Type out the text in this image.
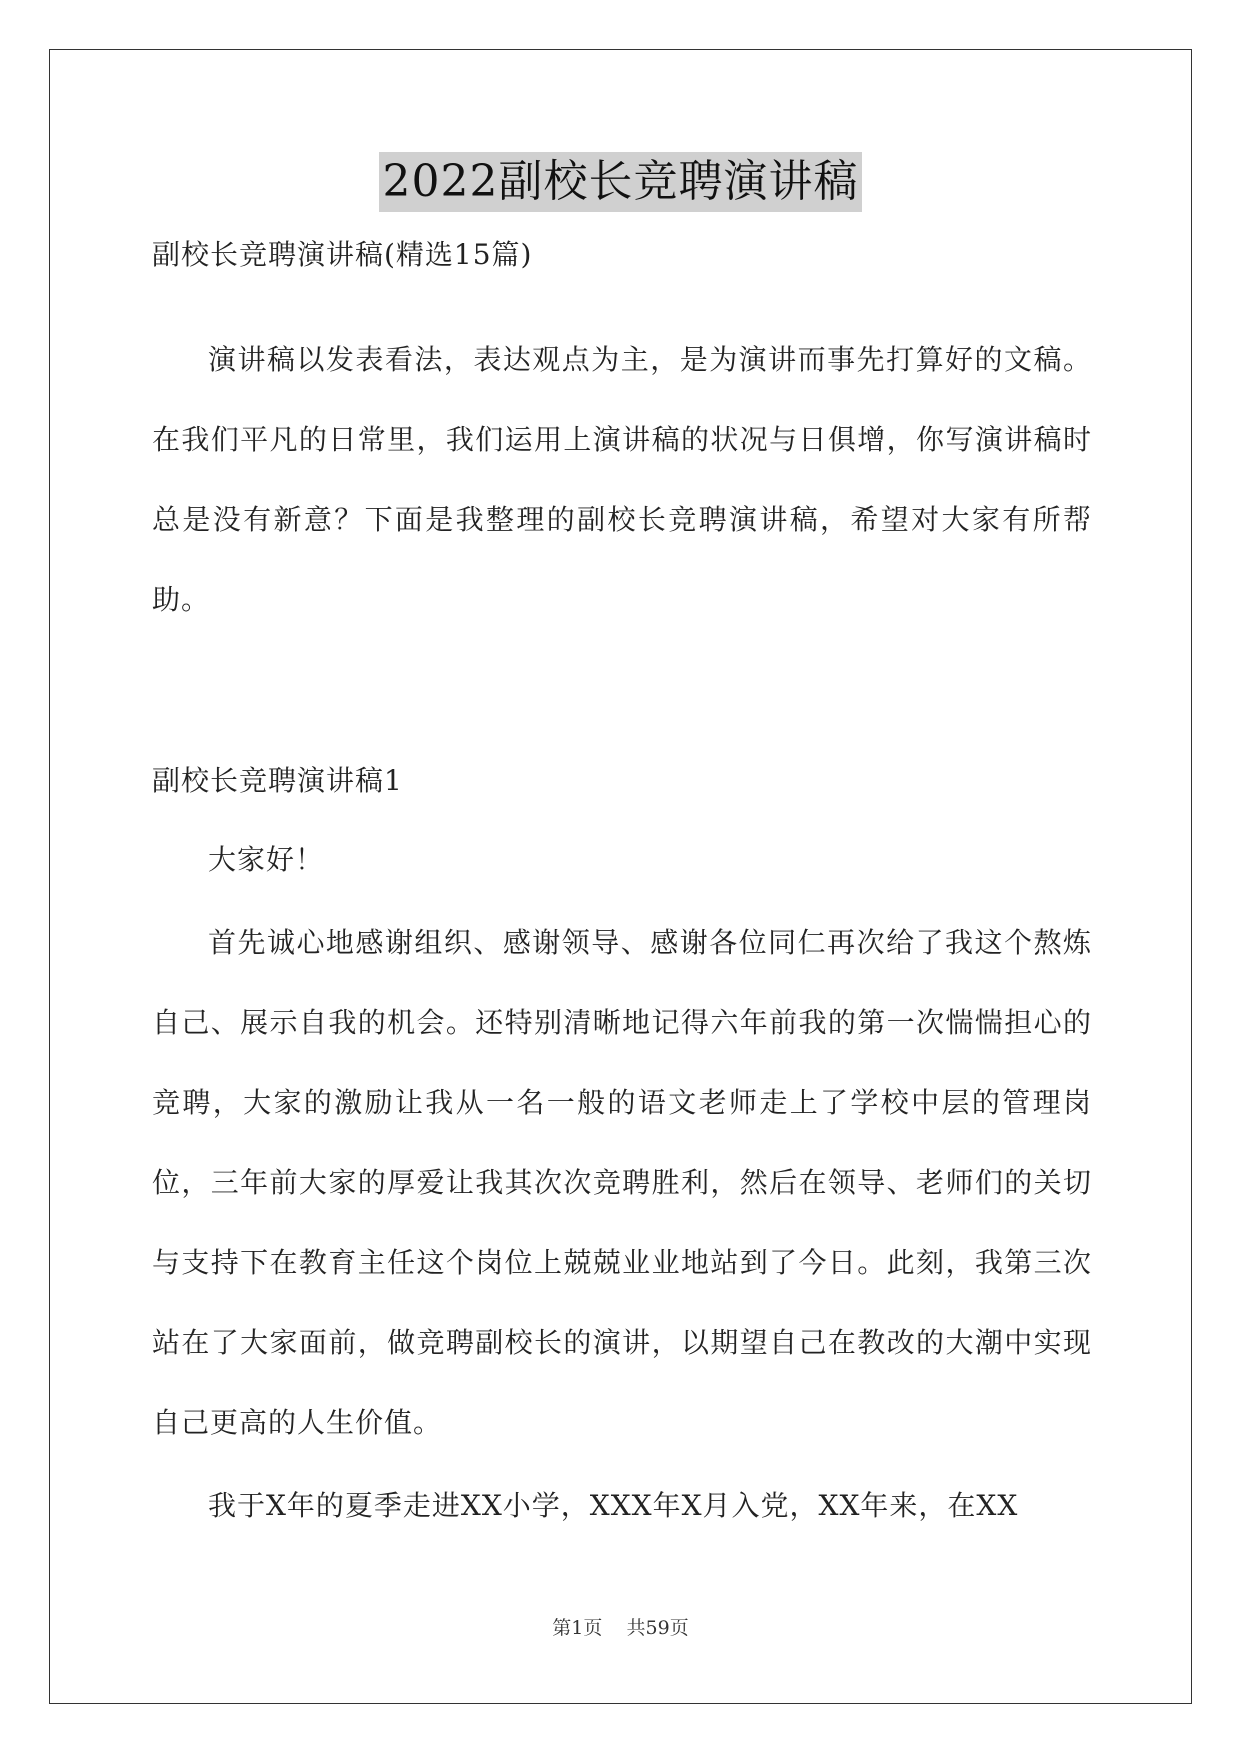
2022副校长竞聘演讲稿
副校长竞聘演讲稿(精选15篇)
演讲稿以发表看法，表达观点为主，是为演讲而事先打算好的文稿。在我们平凡的日常里，我们运用上演讲稿的状况与日俱增，你写演讲稿时总是没有新意？下面是我整理的副校长竞聘演讲稿，希望对大家有所帮助。
副校长竞聘演讲稿1
大家好！
首先诚心地感谢组织、感谢领导、感谢各位同仁再次给了我这个熬炼自己、展示自我的机会。还特别清晰地记得六年前我的第一次惴惴担心的竞聘，大家的激励让我从一名一般的语文老师走上了学校中层的管理岗位，三年前大家的厚爱让我其次次竞聘胜利，然后在领导、老师们的关切与支持下在教育主任这个岗位上兢兢业业地站到了今日。此刻，我第三次站在了大家面前，做竞聘副校长的演讲，以期望自己在教改的大潮中实现自己更高的人生价值。
我于X年的夏季走进XX小学，XXX年X月入党，XX年来，在XX
第1页 共59页
